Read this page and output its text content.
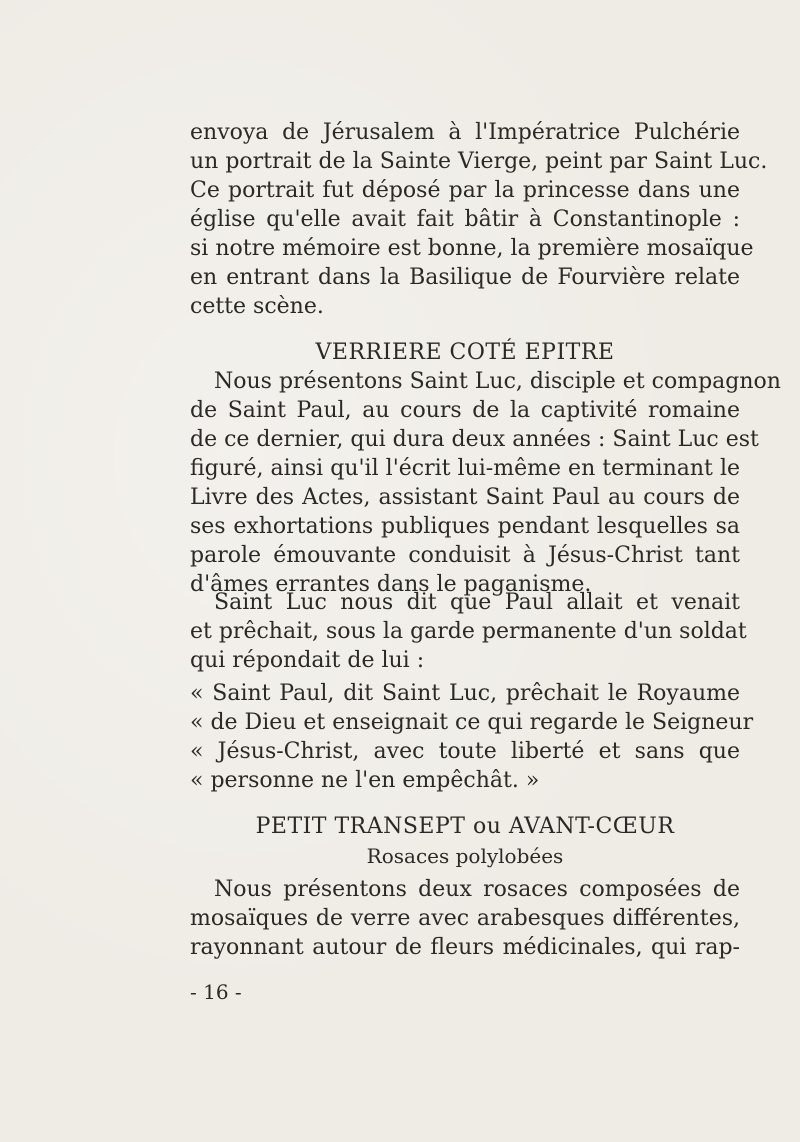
envoya de Jérusalem à l'Impératrice Pulchérie
un portrait de la Sainte Vierge, peint par Saint Luc.
Ce portrait fut déposé par la princesse dans une
église qu'elle avait fait bâtir à Constantinople :
si notre mémoire est bonne, la première mosaïque
en entrant dans la Basilique de Fourvière relate
cette scène.
VERRIERE COTÉ EPITRE
Nous présentons Saint Luc, disciple et compagnon
de Saint Paul, au cours de la captivité romaine
de ce dernier, qui dura deux années : Saint Luc est
figuré, ainsi qu'il l'écrit lui-même en terminant le
Livre des Actes, assistant Saint Paul au cours de
ses exhortations publiques pendant lesquelles sa
parole émouvante conduisit à Jésus-Christ tant
d'âmes errantes dans le paganisme.
Saint Luc nous dit que Paul allait et venait
et prêchait, sous la garde permanente d'un soldat
qui répondait de lui :
« Saint Paul, dit Saint Luc, prêchait le Royaume
« de Dieu et enseignait ce qui regarde le Seigneur
« Jésus-Christ, avec toute liberté et sans que
« personne ne l'en empêchât. »
PETIT TRANSEPT ou AVANT-CŒUR
Rosaces polylobées
Nous présentons deux rosaces composées de
mosaïques de verre avec arabesques différentes,
rayonnant autour de fleurs médicinales, qui rap-
- 16 -
